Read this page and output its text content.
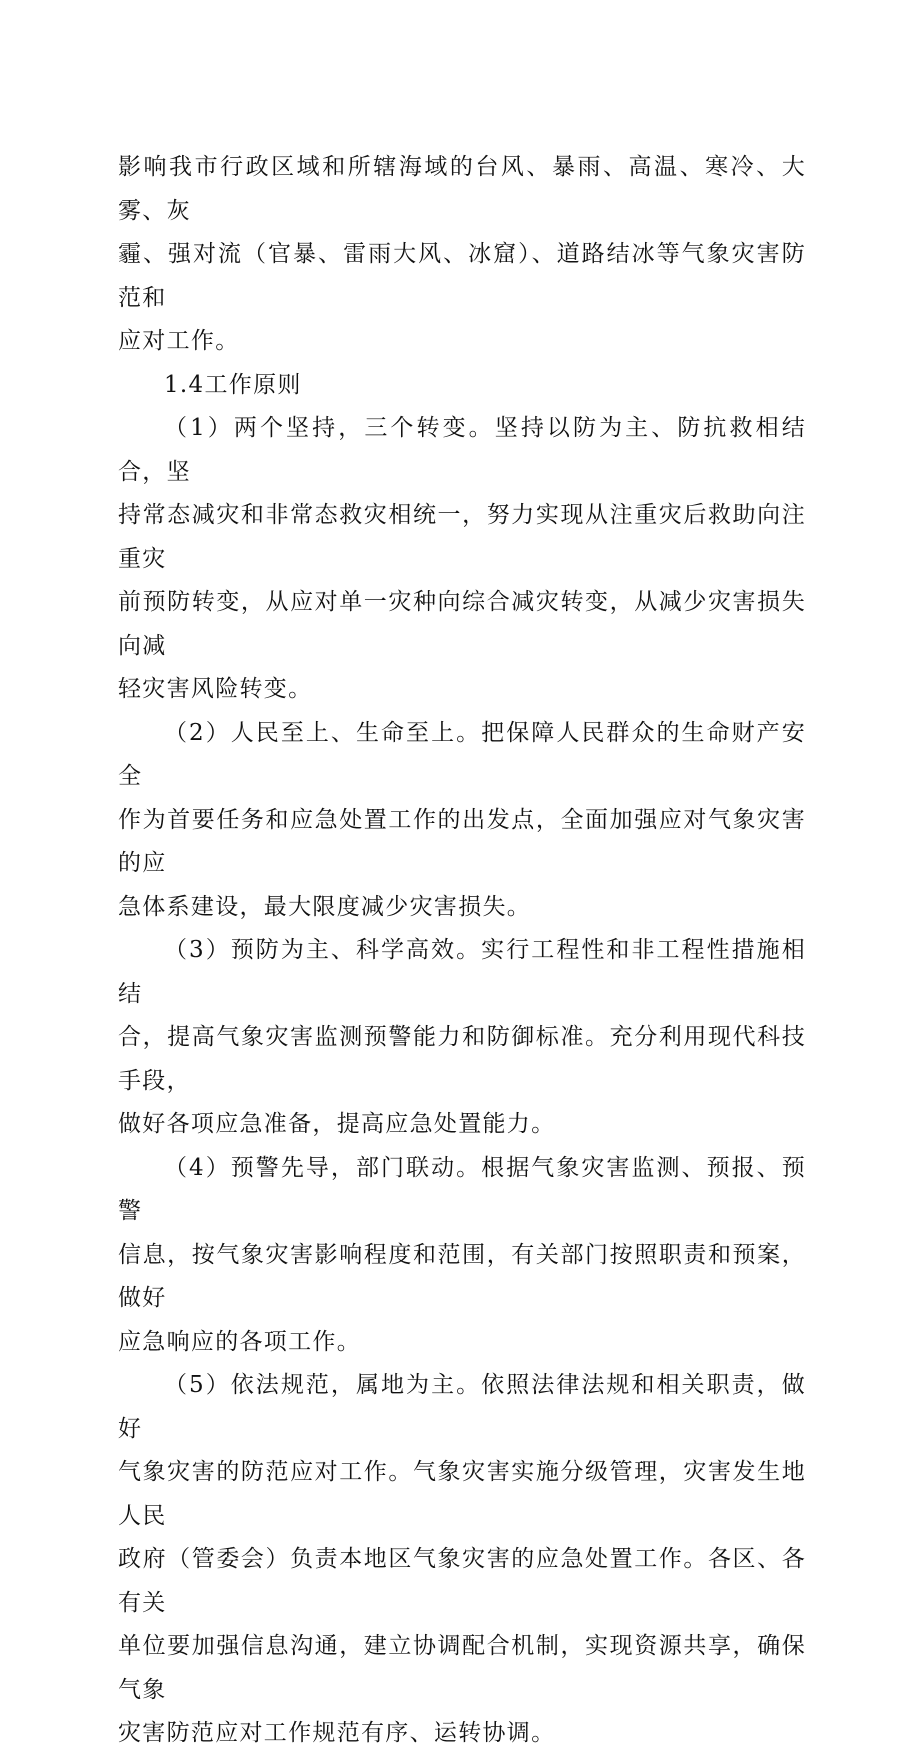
影响我市行政区域和所辖海域的台风、暴雨、高温、寒冷、大雾、灰
霾、强对流（官暴、雷雨大风、冰窟）、道路结冰等气象灾害防范和
应对工作。

1.4工作原则

（1）两个坚持，三个转变。坚持以防为主、防抗救相结合，坚
持常态减灾和非常态救灾相统一，努力实现从注重灾后救助向注重灾
前预防转变，从应对单一灾种向综合减灾转变，从减少灾害损失向减
轻灾害风险转变。

（2）人民至上、生命至上。把保障人民群众的生命财产安全
作为首要任务和应急处置工作的出发点，全面加强应对气象灾害的应
急体系建设，最大限度减少灾害损失。

（3）预防为主、科学高效。实行工程性和非工程性措施相结
合，提高气象灾害监测预警能力和防御标准。充分利用现代科技手段，
做好各项应急准备，提高应急处置能力。

（4）预警先导，部门联动。根据气象灾害监测、预报、预警
信息，按气象灾害影响程度和范围，有关部门按照职责和预案，做好
应急响应的各项工作。

（5）依法规范，属地为主。依照法律法规和相关职责，做好
气象灾害的防范应对工作。气象灾害实施分级管理，灾害发生地人民
政府（管委会）负责本地区气象灾害的应急处置工作。各区、各有关
单位要加强信息沟通，建立协调配合机制，实现资源共享，确保气象
灾害防范应对工作规范有序、运转协调。
